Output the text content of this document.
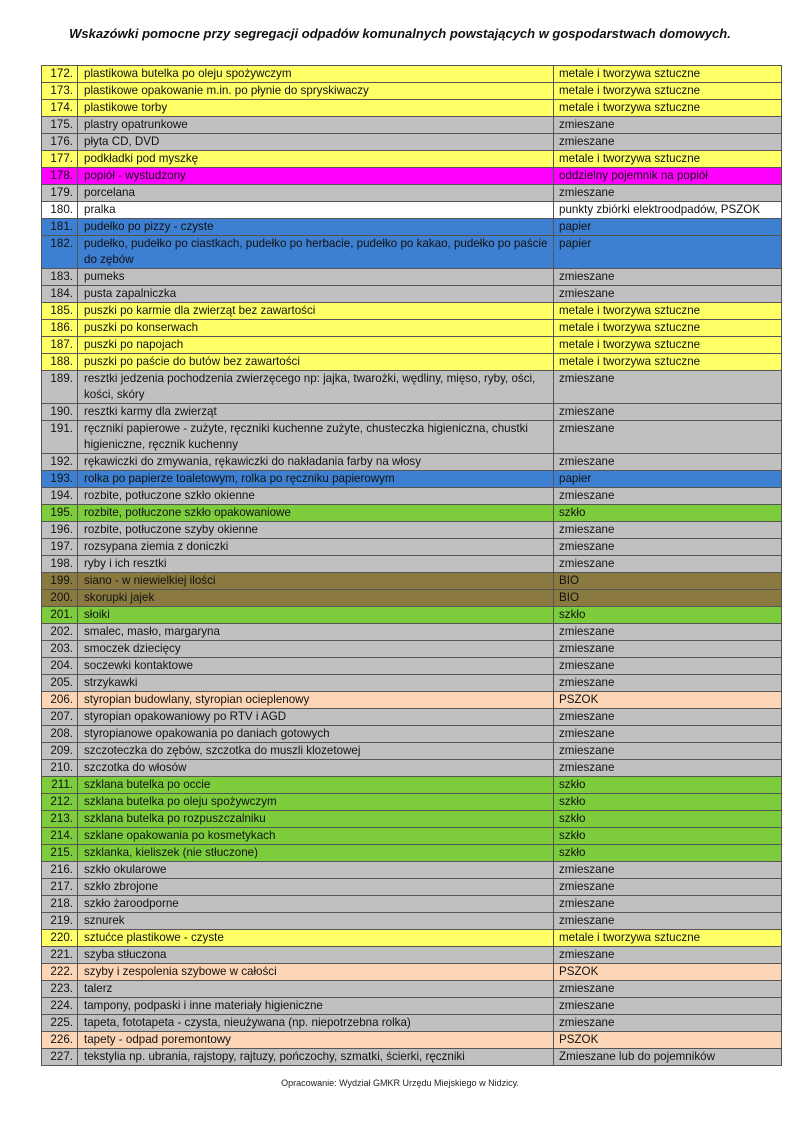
Wskazówki pomocne przy segregacji odpadów komunalnych powstających w gospodarstwach domowych.
172.	plastikowa butelka po oleju spożywczym	metale i tworzywa sztuczne
173.	plastikowe opakowanie m.in. po płynie do spryskiwaczy	metale i tworzywa sztuczne
174.	plastikowe torby	metale i tworzywa sztuczne
175.	plastry opatrunkowe	zmieszane
176.	płyta CD, DVD	zmieszane
177.	podkładki pod myszkę	metale i tworzywa sztuczne
178.	popiół - wystudzony	oddzielny pojemnik na popiół
179.	porcelana	zmieszane
180.	pralka	punkty zbiórki elektroodpadów, PSZOK
181.	pudełko po pizzy - czyste	papier
182.	pudełko, pudełko po ciastkach, pudełko po herbacie, pudełko po kakao, pudełko po paście do zębów	papier
183.	pumeks	zmieszane
184.	pusta zapalniczka	zmieszane
185.	puszki po karmie dla zwierząt bez zawartości	metale i tworzywa sztuczne
186.	puszki po konserwach	metale i tworzywa sztuczne
187.	puszki po napojach	metale i tworzywa sztuczne
188.	puszki po paście do butów bez zawartości	metale i tworzywa sztuczne
189.	resztki jedzenia pochodzenia zwierzęcego np: jajka, twarożki, wędliny, mięso, ryby, ości, kości, skóry	zmieszane
190.	resztki karmy dla zwierząt	zmieszane
191.	ręczniki papierowe - zużyte, ręczniki kuchenne zużyte, chusteczka higieniczna, chustki higieniczne, ręcznik kuchenny	zmieszane
192.	rękawiczki do zmywania, rękawiczki do nakładania farby na włosy	zmieszane
193.	rolka po papierze toaletowym, rolka po ręczniku papierowym	papier
194.	rozbite, potłuczone szkło okienne	zmieszane
195.	rozbite, potłuczone szkło opakowaniowe	szkło
196.	rozbite, potłuczone szyby okienne	zmieszane
197.	rozsypana ziemia z doniczki	zmieszane
198.	ryby i ich resztki	zmieszane
199.	siano - w niewielkiej ilości	BIO
200.	skorupki jajek	BIO
201.	słoiki	szkło
202.	smalec, masło, margaryna	zmieszane
203.	smoczek dziecięcy	zmieszane
204.	soczewki kontaktowe	zmieszane
205.	strzykawki	zmieszane
206.	styropian budowlany, styropian ocieplenowy	PSZOK
207.	styropian opakowaniowy po RTV i AGD	zmieszane
208.	styropianowe opakowania po daniach gotowych	zmieszane
209.	szczoteczka do zębów, szczotka do muszli klozetowej	zmieszane
210.	szczotka do włosów	zmieszane
211.	szklana butelka po occie	szkło
212.	szklana butelka po oleju spożywczym	szkło
213.	szklana butelka po rozpuszczalniku	szkło
214.	szklane opakowania po kosmetykach	szkło
215.	szklanka, kieliszek (nie stłuczone)	szkło
216.	szkło okularowe	zmieszane
217.	szkło zbrojone	zmieszane
218.	szkło żaroodporne	zmieszane
219.	sznurek	zmieszane
220.	sztućce plastikowe - czyste	metale i tworzywa sztuczne
221.	szyba stłuczona	zmieszane
222.	szyby i zespolenia szybowe w całości	PSZOK
223.	talerz	zmieszane
224.	tampony, podpaski i inne materiały higieniczne	zmieszane
225.	tapeta, fototapeta - czysta, nieużywana (np. niepotrzebna rolka)	zmieszane
226.	tapety - odpad poremontowy	PSZOK
227.	tekstylia np. ubrania, rajstopy, rajtuzy, pończochy, szmatki, ścierki, ręczniki	Zmieszane lub do pojemników
Opracowanie: Wydział GMKR Urzędu Miejskiego w Nidzicy.
